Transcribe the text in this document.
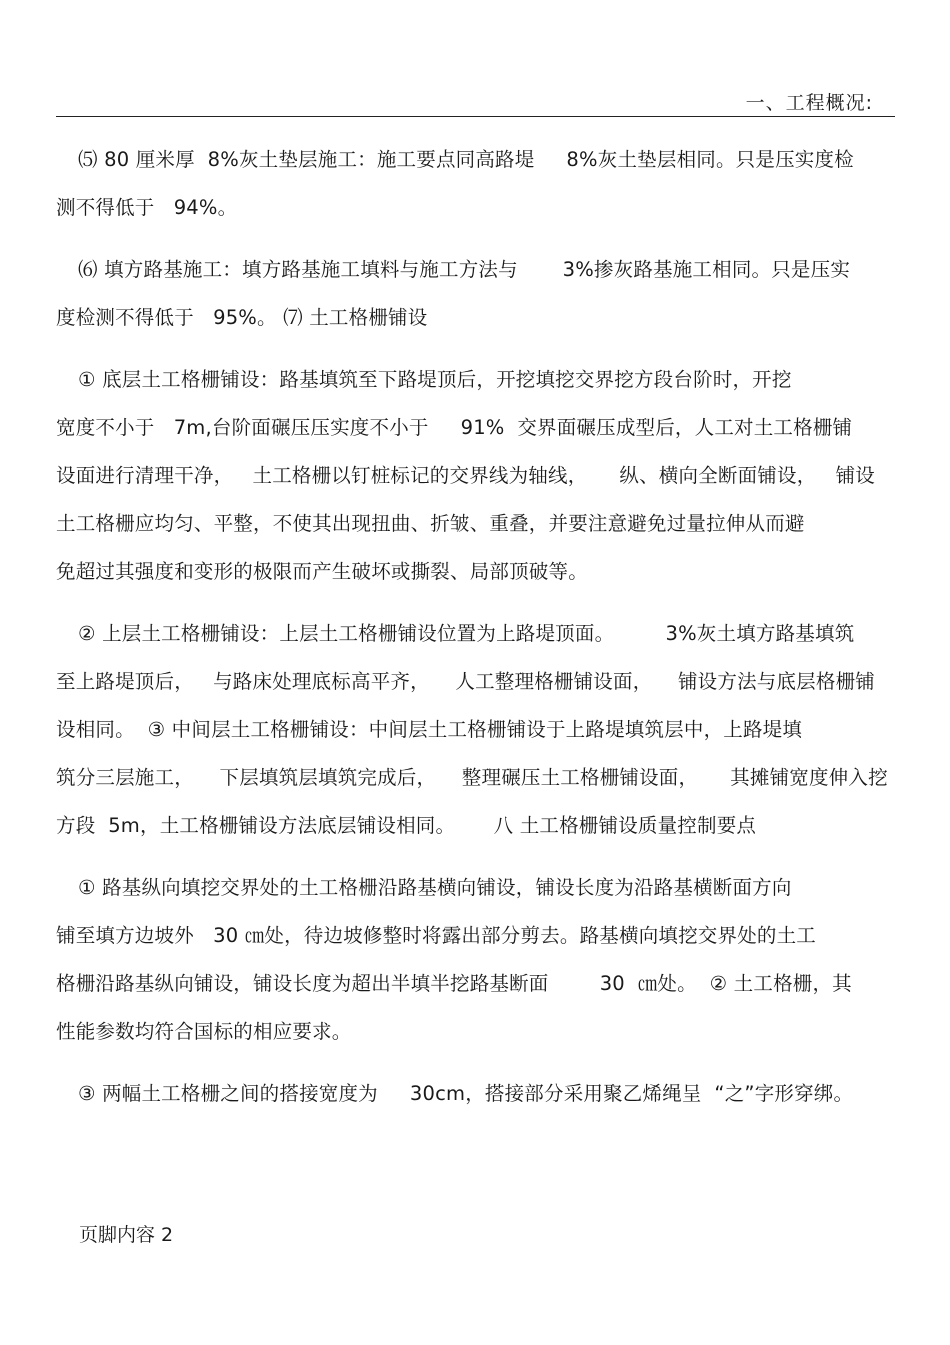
一、工程概况:
⑸ 80 厘米厚  8%灰土垫层施工：施工要点同高路堤     8%灰土垫层相同。只是压实度检
测不得低于   94%。
⑹ 填方路基施工：填方路基施工填料与施工方法与       3%掺灰路基施工相同。只是压实
度检测不得低于   95%。 ⑺ 土工格栅铺设
① 底层土工格栅铺设：路基填筑至下路堤顶后，开挖填挖交界挖方段台阶时，开挖
宽度不小于   7m,台阶面碾压压实度不小于     91%  交界面碾压成型后，人工对土工格栅铺
设面进行清理干净，   土工格栅以钉桩标记的交界线为轴线，     纵、横向全断面铺设，   铺设
土工格栅应均匀、平整，不使其出现扭曲、折皱、重叠，并要注意避免过量拉伸从而避
免超过其强度和变形的极限而产生破坏或撕裂、局部顶破等。
② 上层土工格栅铺设：上层土工格栅铺设位置为上路堤顶面。        3%灰土填方路基填筑
至上路堤顶后，   与路床处理底标高平齐，    人工整理格栅铺设面，    铺设方法与底层格栅铺
设相同。  ③ 中间层土工格栅铺设：中间层土工格栅铺设于上路堤填筑层中，上路堤填
筑分三层施工，    下层填筑层填筑完成后，    整理碾压土工格栅铺设面，     其摊铺宽度伸入挖
方段  5m，土工格栅铺设方法底层铺设相同。      八 土工格栅铺设质量控制要点
① 路基纵向填挖交界处的土工格栅沿路基横向铺设，铺设长度为沿路基横断面方向
铺至填方边坡外   30 ㎝处，待边坡修整时将露出部分剪去。路基横向填挖交界处的土工
格栅沿路基纵向铺设，铺设长度为超出半填半挖路基断面        30  ㎝处。  ② 土工格栅，其
性能参数均符合国标的相应要求。
③ 两幅土工格栅之间的搭接宽度为     30cm，搭接部分采用聚乙烯绳呈  “之”字形穿绑。
页脚内容 2
